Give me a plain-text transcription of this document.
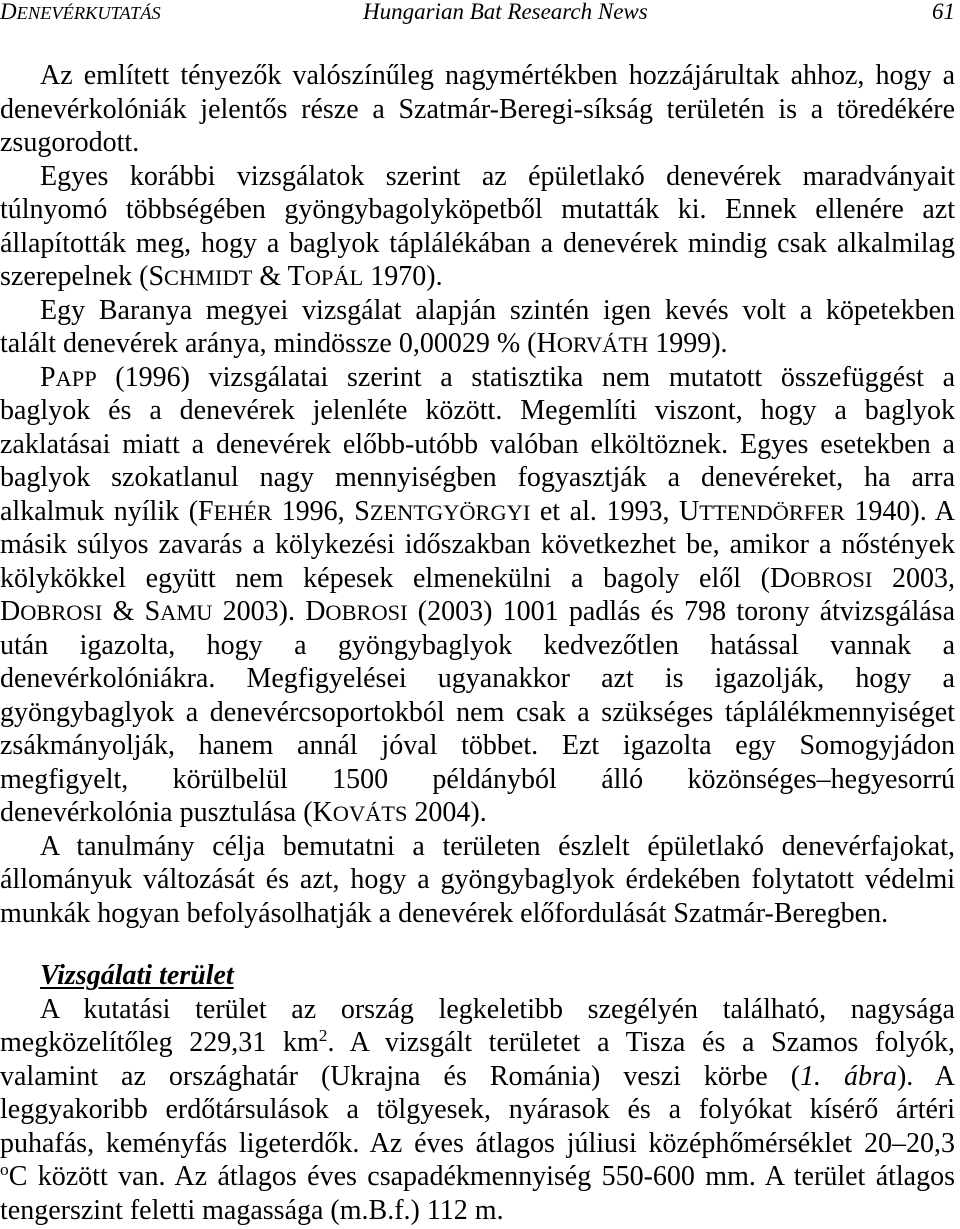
DENEVÉRKUTATÁS	Hungarian Bat Research News	61
Az említett tényezők valószínűleg nagymértékben hozzájárultak ahhoz, hogy a
denevérkolóniák jelentős része a Szatmár-Beregi-síkság területén is a töredékére
zsugorodott.
Egyes korábbi vizsgálatok szerint az épületlakó denevérek maradványait
túlnyomó többségében gyöngybagolyköpetből mutatták ki. Ennek ellenére azt
állapították meg, hogy a baglyok táplálékában a denevérek mindig csak alkalmilag
szerepelnek (SCHMIDT & TOPÁL 1970).
Egy Baranya megyei vizsgálat alapján szintén igen kevés volt a köpetekben
talált denevérek aránya, mindössze 0,00029 % (HORVÁTH 1999).
PAPP (1996) vizsgálatai szerint a statisztika nem mutatott összefüggést a
baglyok és a denevérek jelenléte között. Megemlíti viszont, hogy a baglyok
zaklatásai miatt a denevérek előbb-utóbb valóban elköltöznek. Egyes esetekben a
baglyok szokatlanul nagy mennyiségben fogyasztják a denevéreket, ha arra
alkalmuk nyílik (FEHÉR 1996, SZENTGYÖRGYI et al. 1993, UTTENDÖRFER 1940). A
másik súlyos zavarás a kölykezési időszakban következhet be, amikor a nőstények
kölykökkel együtt nem képesek elmenekülni a bagoly elől (DOBROSI 2003,
DOBROSI & SAMU 2003). DOBROSI (2003) 1001 padlás és 798 torony átvizsgálása
után igazolta, hogy a gyöngybaglyok kedvezőtlen hatással vannak a
denevérkolóniákra. Megfigyelései ugyanakkor azt is igazolják, hogy a
gyöngybaglyok a denevércsoportokból nem csak a szükséges táplálékmennyiséget
zsákmányolják, hanem annál jóval többet. Ezt igazolta egy Somogyjádon
megfigyelt, körülbelül 1500 példányból álló közönséges–hegyesorrú
denevérkolónia pusztulása (KOVÁTS 2004).
A tanulmány célja bemutatni a területen észlelt épületlakó denevérfajokat,
állományuk változását és azt, hogy a gyöngybaglyok érdekében folytatott védelmi
munkák hogyan befolyásolhatják a denevérek előfordulását Szatmár-Beregben.
Vizsgálati terület
A kutatási terület az ország legkeletibb szegélyén található, nagysága
megközelítőleg 229,31 $km^2$. A vizsgált területet a Tisza és a Szamos folyók,
valamint az országhatár (Ukrajna és Románia) veszi körbe (1. ábra). A
leggyakoribb erdőtársulások a tölgyesek, nyárasok és a folyókat kísérő ártéri
puhafás, keményfás ligeterdők. Az éves átlagos júliusi középhőmérséklet 20–20,3
$^o$C között van. Az átlagos éves csapadékmennyiség 550-600 mm. A terület átlagos
tengerszint feletti magassága (m.B.f.) 112 m.
